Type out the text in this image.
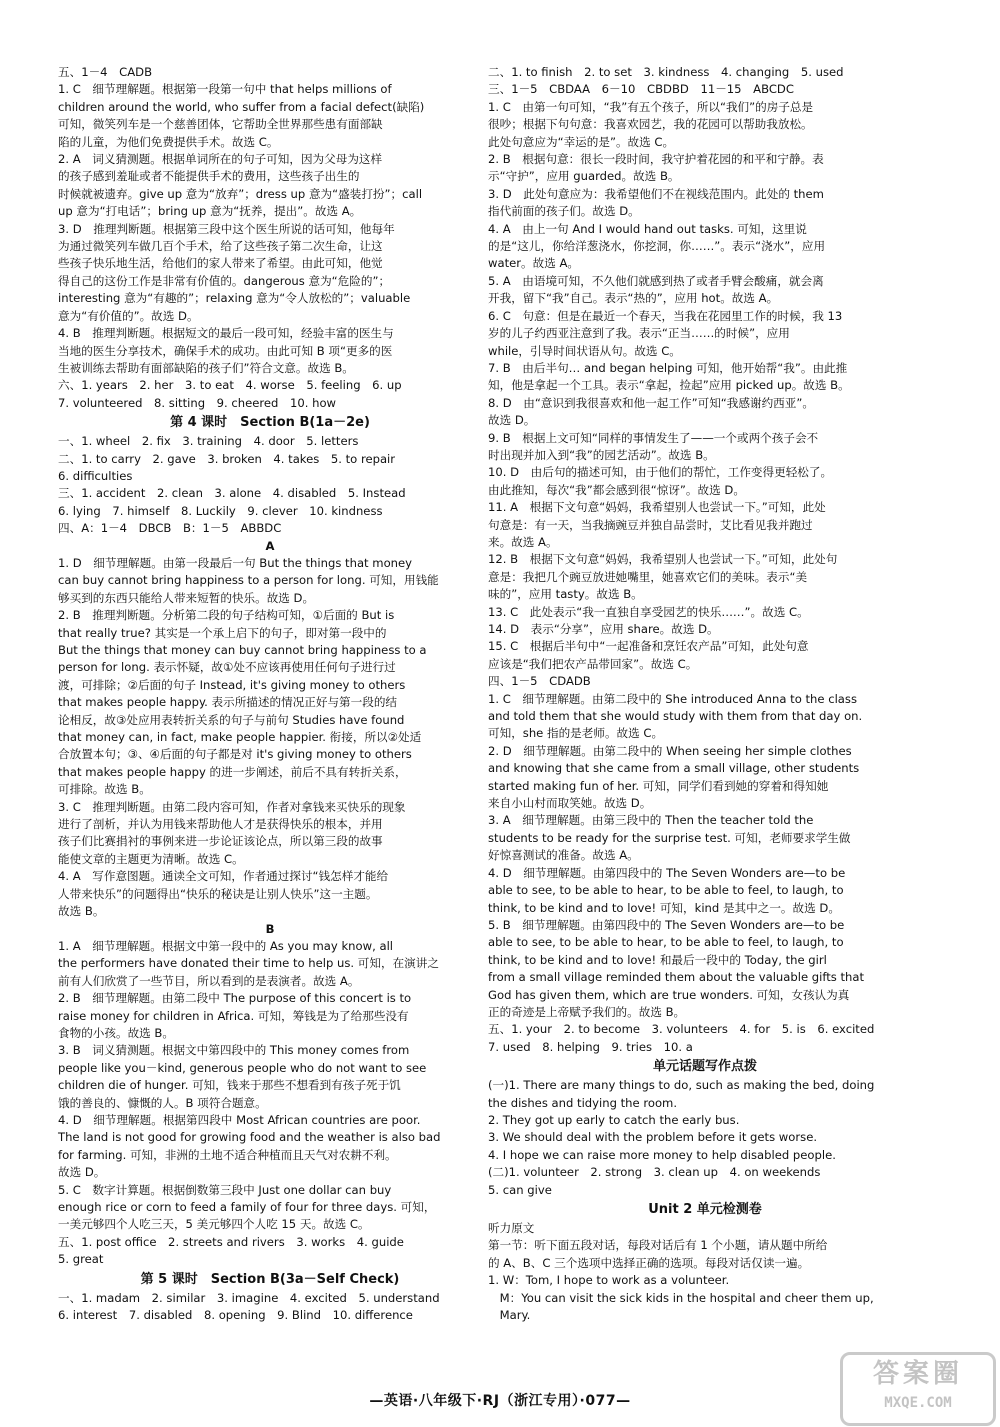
五、1－4　CADB
1. C　细节理解题。根据第一段第一句中 that helps millions of
children around the world, who suffer from a facial defect(缺陷)
可知，微笑列车是一个慈善团体，它帮助全世界那些患有面部缺
陷的儿童，为他们免费提供手术。故选 C。
2. A　词义猜测题。根据单词所在的句子可知，因为父母为这样
的孩子感到羞耻或者不能提供手术的费用，这些孩子出生的
时候就被遗弃。give up 意为“放弃”；dress up 意为“盛装打扮”；call
up 意为“打电话”；bring up 意为“抚养，提出”。故选 A。
3. D　推理判断题。根据第三段中这个医生所说的话可知，他每年
为通过微笑列车做几百个手术，给了这些孩子第二次生命，让这
些孩子快乐地生活，给他们的家人带来了希望。由此可知，他觉
得自己的这份工作是非常有价值的。dangerous 意为“危险的”；
interesting 意为“有趣的”；relaxing 意为“令人放松的”；valuable
意为“有价值的”。故选 D。
4. B　推理判断题。根据短文的最后一段可知，经验丰富的医生与
当地的医生分享技术，确保手术的成功。由此可知 B 项“更多的医
生被训练去帮助有面部缺陷的孩子们”符合文意。故选 B。
六、1. years　2. her　3. to eat　4. worse　5. feeling　6. up
7. volunteered　8. sitting　9. cheered　10. how
第 4 课时　Section B(1a－2e)
一、1. wheel　2. fix　3. training　4. door　5. letters
二、1. to carry　2. gave　3. broken　4. takes　5. to repair
6. difficulties
三、1. accident　2. clean　3. alone　4. disabled　5. Instead
6. lying　7. himself　8. Luckily　9. clever　10. kindness
四、A：1－4　DBCB　B：1－5　ABBDC
A
1. D　细节理解题。由第一段最后一句 But the things that money
can buy cannot bring happiness to a person for long. 可知，用钱能
够买到的东西只能给人带来短暂的快乐。故选 D。
2. B　推理判断题。分析第二段的句子结构可知，①后面的 But is
that really true? 其实是一个承上启下的句子，即对第一段中的
But the things that money can buy cannot bring happiness to a
person for long. 表示怀疑，故①处不应该再使用任何句子进行过
渡，可排除；②后面的句子 Instead, it's giving money to others
that makes people happy. 表示所描述的情况正好与第一段的结
论相反，故③处应用表转折关系的句子与前句 Studies have found
that money can, in fact, make people happier. 衔接，所以②处适
合放置本句；③、④后面的句子都是对 it's giving money to others
that makes people happy 的进一步阐述，前后不具有转折关系，
可排除。故选 B。
3. C　推理判断题。由第二段内容可知，作者对拿钱来买快乐的现象
进行了剖析，并认为用钱来帮助他人才是获得快乐的根本，并用
孩子们比赛捐衬的事例来进一步论证该论点，所以第三段的故事
能使文章的主题更为清晰。故选 C。
4. A　写作意图题。通读全文可知，作者通过探讨“钱怎样才能给
人带来快乐”的问题得出“快乐的秘诀是让别人快乐”这一主题。
故选 B。
B
1. A　细节理解题。根据文中第一段中的 As you may know, all
the performers have donated their time to help us. 可知，在演讲之
前有人们欣赏了一些节目，所以看到的是表演者。故选 A。
2. B　细节理解题。由第二段中 The purpose of this concert is to
raise money for children in Africa. 可知，筹钱是为了给那些没有
食物的小孩。故选 B。
3. B　词义猜测题。根据文中第四段中的 This money comes from
people like you－kind, generous people who do not want to see
children die of hunger. 可知，钱来于那些不想看到有孩子死于饥
饿的善良的、慷慨的人。B 项符合题意。
4. D　细节理解题。根据第四段中 Most African countries are poor.
The land is not good for growing food and the weather is also bad
for farming. 可知，非洲的土地不适合种植而且天气对农耕不利。
故选 D。
5. C　数字计算题。根据倒数第三段中 Just one dollar can buy
enough rice or corn to feed a family of four for three days. 可知，
一美元够四个人吃三天，5 美元够四个人吃 15 天。故选 C。
五、1. post office　2. streets and rivers　3. works　4. guide
5. great
第 5 课时　Section B(3a－Self Check)
一、1. madam　2. similar　3. imagine　4. excited　5. understand
6. interest　7. disabled　8. opening　9. Blind　10. difference
二、1. to finish　2. to set　3. kindness　4. changing　5. used
三、1－5　CBDAA　6－10　CBDBD　11－15　ABCDC
1. C　由第一句可知，“我”有五个孩子，所以“我们”的房子总是
很吵；根据下句句意：我喜欢园艺，我的花园可以帮助我放松。
此处句意应为“幸运的是”。故选 C。
2. B　根据句意：很长一段时间，我守护着花园的和平和宁静。表
示“守护”，应用 guarded。故选 B。
3. D　此处句意应为：我希望他们不在视线范围内。此处的 them
指代前面的孩子们。故选 D。
4. A　由上一句 And I would hand out tasks. 可知，这里说
的是“这儿，你给洋葱浇水，你挖洞，你……”。表示“浇水”，应用
water。故选 A。
5. A　由语境可知，不久他们就感到热了或者手臂会酸痛，就会离
开我，留下“我”自己。表示“热的”，应用 hot。故选 A。
6. C　句意：但是在最近一个春天，当我在花园里工作的时候，我 13
岁的儿子约西亚注意到了我。表示“正当……的时候”，应用
while，引导时间状语从句。故选 C。
7. B　由后半句… and began helping 可知，他开始帮“我”。由此推
知，他是拿起一个工具。表示“拿起，捡起”应用 picked up。故选 B。
8. D　由“意识到我很喜欢和他一起工作”可知“我感谢约西亚”。
故选 D。
9. B　根据上文可知“同样的事情发生了——一个或两个孩子会不
时出现并加入到“我”的园艺活动”。故选 B。
10. D　由后句的描述可知，由于他们的帮忙，工作变得更轻松了。
由此推知，每次“我”都会感到很“惊讶”。故选 D。
11. A　根据下文句意“妈妈，我希望别人也尝试一下。”可知，此处
句意是：有一天，当我摘豌豆并独自品尝时，艾比看见我并跑过
来。故选 A。
12. B　根据下文句意“妈妈，我希望别人也尝试一下。”可知，此处句
意是：我把几个豌豆放进她嘴里，她喜欢它们的美味。表示“美
味的”，应用 tasty。故选 B。
13. C　此处表示“我一直独自享受园艺的快乐……”。故选 C。
14. D　表示“分享”，应用 share。故选 D。
15. C　根据后半句中“一起准备和烹饪农产品”可知，此处句意
应该是“我们把农产品带回家”。故选 C。
四、1－5　CDADB
1. C　细节理解题。由第二段中的 She introduced Anna to the class
and told them that she would study with them from that day on.
可知，she 指的是老师。故选 C。
2. D　细节理解题。由第二段中的 When seeing her simple clothes
and knowing that she came from a small village, other students
started making fun of her. 可知，同学们看到她的穿着和得知她
来自小山村而取笑她。故选 D。
3. A　细节理解题。由第三段中的 Then the teacher told the
students to be ready for the surprise test. 可知，老师要求学生做
好惊喜测试的准备。故选 A。
4. D　细节理解题。由第四段中的 The Seven Wonders are—to be
able to see, to be able to hear, to be able to feel, to laugh, to
think, to be kind and to love! 可知，kind 是其中之一。故选 D。
5. B　细节理解题。由第四段中的 The Seven Wonders are—to be
able to see, to be able to hear, to be able to feel, to laugh, to
think, to be kind and to love! 和最后一段中的 Today, the girl
from a small village reminded them about the valuable gifts that
God has given them, which are true wonders. 可知，女孩认为真
正的奇迹是上帝赋予我们的。故选 B。
五、1. your　2. to become　3. volunteers　4. for　5. is　6. excited
7. used　8. helping　9. tries　10. a
单元话题写作点拨
(一)1. There are many things to do, such as making the bed, doing
the dishes and tidying the room.
2. They got up early to catch the early bus.
3. We should deal with the problem before it gets worse.
4. I hope we can raise more money to help disabled people.
(二)1. volunteer　2. strong　3. clean up　4. on weekends
5. can give
Unit 2 单元检测卷
听力原文
第一节：听下面五段对话，每段对话后有 1 个小题，请从题中所给
的 A、B、C 三个选项中选择正确的选项。每段对话仅读一遍。
1. W：Tom, I hope to work as a volunteer.
　M：You can visit the sick kids in the hospital and cheer them up,
　Mary.
—英语·八年级下·RJ（浙江专用）·077—
答案圈
MXQE.COM
